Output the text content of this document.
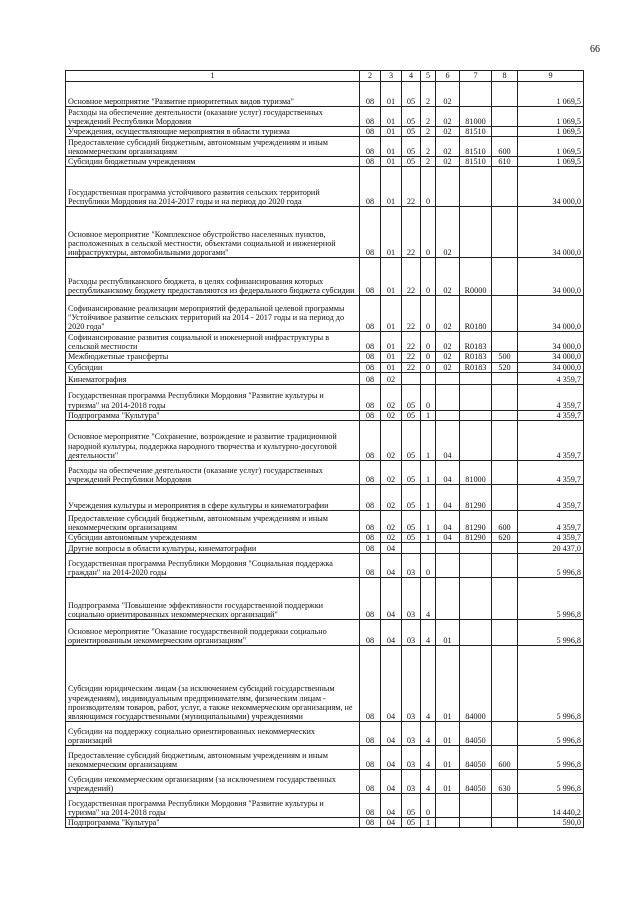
66
1	2	3	4	5	6	7	8	9
Основное мероприятие "Развитие приоритетных видов туризма"	08	01	05	2	02			1 069,5
Расходы на обеспечение деятельности (оказание услуг) государственных учреждений Республики Мордовия	08	01	05	2	02	81000		1 069,5
Учреждения, осуществляющие мероприятия в области туризма	08	01	05	2	02	81510		1 069,5
Предоставление субсидий бюджетным, автономным учреждениям и иным некоммерческим организациям	08	01	05	2	02	81510	600	1 069,5
Субсидии бюджетным учреждениям	08	01	05	2	02	81510	610	1 069,5
Государственная программа устойчивого развития сельских территорий Республики Мордовия на 2014-2017 годы и на период до 2020 года	08	01	22	0				34 000,0
Основное мероприятие "Комплексное обустройство населенных пунктов, расположенных в сельской местности, объектами социальной и инженерной инфраструктуры, автомобильными дорогами"	08	01	22	0	02			34 000,0
Расходы республиканского бюджета, в целях софинансирования которых республиканскому бюджету предоставляются из федерального бюджета субсидии	08	01	22	0	02	R0000		34 000,0
Софинансирование реализации мероприятий федеральной целевой программы "Устойчивое развитие сельских территорий на 2014 - 2017 годы и на период до 2020 года"	08	01	22	0	02	R0180		34 000,0
Софинансирование развития социальной и инженерной инфраструктуры в сельской местности	08	01	22	0	02	R0183		34 000,0
Межбюджетные трансферты	08	01	22	0	02	R0183	500	34 000,0
Субсидии	08	01	22	0	02	R0183	520	34 000,0
Кинематография	08	02						4 359,7
Государственная программа Республики Мордовия "Развитие культуры и туризма" на 2014-2018 годы	08	02	05	0				4 359,7
Подпрограмма "Культура"	08	02	05	1				4 359,7
Основное мероприятие "Сохранение, возрождение и развитие традиционной народной культуры, поддержка народного творчества и культурно-досуговой деятельности"	08	02	05	1	04			4 359,7
Расходы на обеспечение деятельности (оказание услуг) государственных учреждений Республики Мордовия	08	02	05	1	04	81000		4 359,7
Учреждения культуры и мероприятия в сфере культуры и кинематографии	08	02	05	1	04	81290		4 359,7
Предоставление субсидий бюджетным, автономным учреждениям и иным некоммерческим организациям	08	02	05	1	04	81290	600	4 359,7
Субсидии автономным учреждениям	08	02	05	1	04	81290	620	4 359,7
Другие вопросы в области культуры, кинематографии	08	04						20 437,0
Государственная программа Республики Мордовия "Социальная поддержка граждан" на 2014-2020 годы	08	04	03	0				5 996,8
Подпрограмма "Повышение эффективности государственной поддержки социально ориентированных некоммерческих организаций"	08	04	03	4				5 996,8
Основное мероприятие "Оказание государственной поддержки социально ориентированным некоммерческим организациям"	08	04	03	4	01			5 996,8
Субсидии юридическим лицам (за исключением субсидий государственным учреждениям), индивидуальным предпринимателям, физическим лицам - производителям товаров, работ, услуг, а также некоммерческим организациям, не являющимся государственными (муниципальными) учреждениями	08	04	03	4	01	84000		5 996,8
Субсидии на поддержку социально ориентированных некоммерческих организаций	08	04	03	4	01	84050		5 996,8
Предоставление субсидий бюджетным, автономным учреждениям и иным некоммерческим организациям	08	04	03	4	01	84050	600	5 996,8
Субсидии некоммерческим организациям (за исключением государственных учреждений)	08	04	03	4	01	84050	630	5 996,8
Государственная программа Республики Мордовия "Развитие культуры и туризма" на 2014-2018 годы	08	04	05	0				14 440,2
Подпрограмма "Культура"	08	04	05	1				590,0
